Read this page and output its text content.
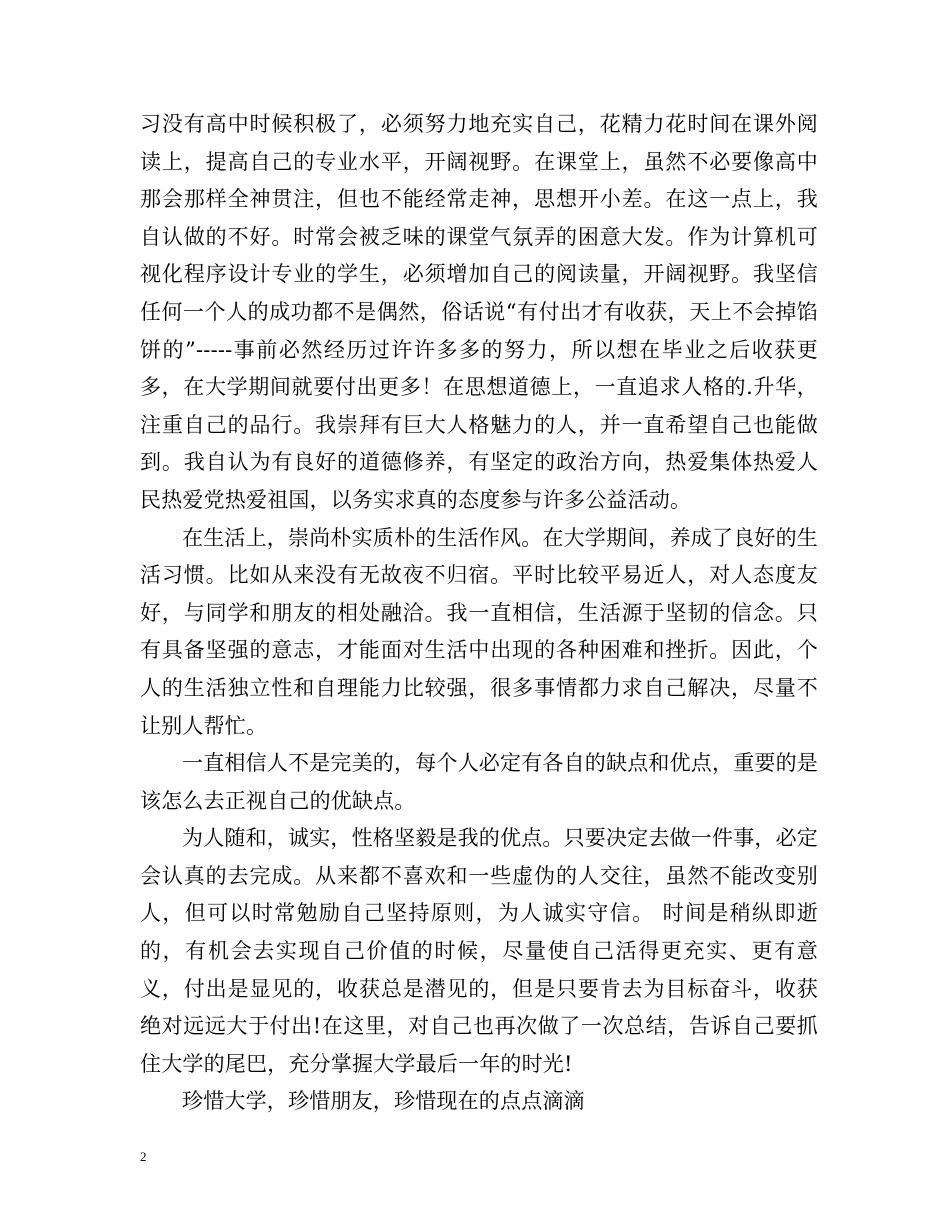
习没有高中时候积极了，必须努力地充实自己，花精力花时间在课外阅读上，提高自己的专业水平，开阔视野。在课堂上，虽然不必要像高中那会那样全神贯注，但也不能经常走神，思想开小差。在这一点上，我自认做的不好。时常会被乏味的课堂气氛弄的困意大发。作为计算机可视化程序设计专业的学生，必须增加自己的阅读量，开阔视野。我坚信任何一个人的成功都不是偶然，俗话说“有付出才有收获，天上不会掉馅饼的”-----事前必然经历过许许多多的努力，所以想在毕业之后收获更多，在大学期间就要付出更多！在思想道德上，一直追求人格的.升华，注重自己的品行。我崇拜有巨大人格魅力的人，并一直希望自己也能做到。我自认为有良好的道德修养，有坚定的政治方向，热爱集体热爱人民热爱党热爱祖国，以务实求真的态度参与许多公益活动。

在生活上，崇尚朴实质朴的生活作风。在大学期间，养成了良好的生活习惯。比如从来没有无故夜不归宿。平时比较平易近人，对人态度友好，与同学和朋友的相处融洽。我一直相信，生活源于坚韧的信念。只有具备坚强的意志，才能面对生活中出现的各种困难和挫折。因此，个人的生活独立性和自理能力比较强，很多事情都力求自己解决，尽量不让别人帮忙。

一直相信人不是完美的，每个人必定有各自的缺点和优点，重要的是该怎么去正视自己的优缺点。

为人随和，诚实，性格坚毅是我的优点。只要决定去做一件事，必定会认真的去完成。从来都不喜欢和一些虚伪的人交往，虽然不能改变别人，但可以时常勉励自己坚持原则，为人诚实守信。 时间是稍纵即逝的，有机会去实现自己价值的时候，尽量使自己活得更充实、更有意义，付出是显见的，收获总是潜见的，但是只要肯去为目标奋斗，收获绝对远远大于付出!在这里，对自己也再次做了一次总结，告诉自己要抓住大学的尾巴，充分掌握大学最后一年的时光!

珍惜大学，珍惜朋友，珍惜现在的点点滴滴

2
